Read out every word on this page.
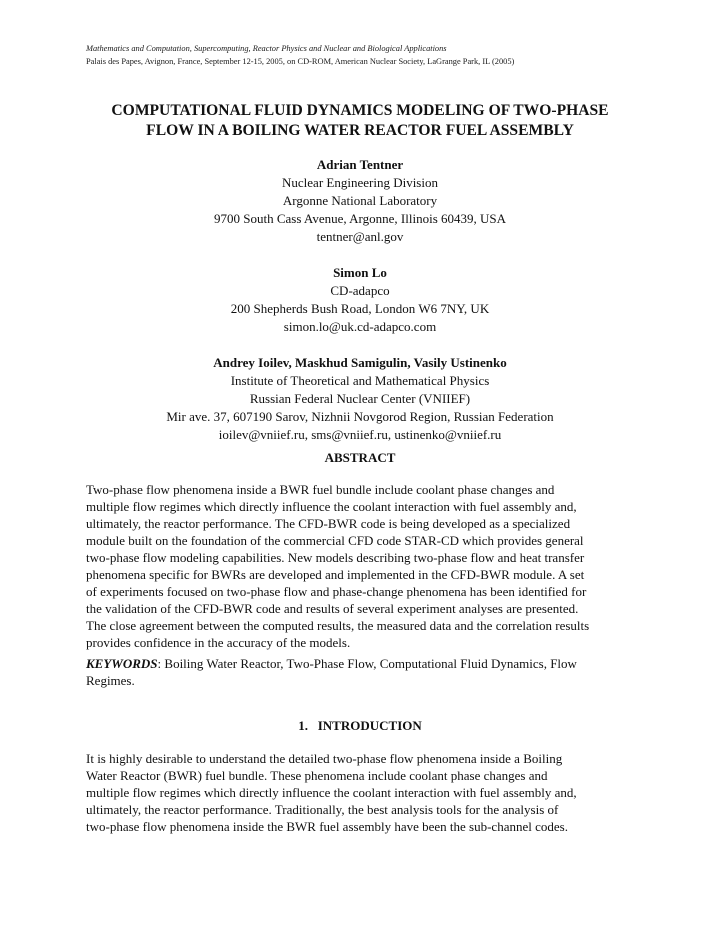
Mathematics and Computation, Supercomputing, Reactor Physics and Nuclear and Biological Applications
Palais des Papes, Avignon, France, September 12-15, 2005, on CD-ROM, American Nuclear Society, LaGrange Park, IL (2005)
COMPUTATIONAL FLUID DYNAMICS MODELING OF TWO-PHASE
FLOW IN A BOILING WATER REACTOR FUEL ASSEMBLY
Adrian Tentner
Nuclear Engineering Division
Argonne National Laboratory
9700 South Cass Avenue, Argonne, Illinois 60439, USA
tentner@anl.gov
Simon Lo
CD-adapco
200 Shepherds Bush Road, London W6 7NY, UK
simon.lo@uk.cd-adapco.com
Andrey Ioilev, Maskhud Samigulin, Vasily Ustinenko
Institute of Theoretical and Mathematical Physics
Russian Federal Nuclear Center (VNIIEF)
Mir ave. 37, 607190 Sarov, Nizhnii Novgorod Region, Russian Federation
ioilev@vniief.ru, sms@vniief.ru, ustinenko@vniief.ru
ABSTRACT
Two-phase flow phenomena inside a BWR fuel bundle include coolant phase changes and
multiple flow regimes which directly influence the coolant interaction with fuel assembly and,
ultimately, the reactor performance. The CFD-BWR code is being developed as a specialized
module built on the foundation of the commercial CFD code STAR-CD which provides general
two-phase flow modeling capabilities. New models describing two-phase flow and heat transfer
phenomena specific for BWRs are developed and implemented in the CFD-BWR module. A set
of experiments focused on two-phase flow and phase-change phenomena has been identified for
the validation of the CFD-BWR code and results of several experiment analyses are presented.
The close agreement between the computed results, the measured data and the correlation results
provides confidence in the accuracy of the models.
KEYWORDS: Boiling Water Reactor, Two-Phase Flow, Computational Fluid Dynamics, Flow
Regimes.
1.   INTRODUCTION
It is highly desirable to understand the detailed two-phase flow phenomena inside a Boiling
Water Reactor (BWR) fuel bundle. These phenomena include coolant phase changes and
multiple flow regimes which directly influence the coolant interaction with fuel assembly and,
ultimately, the reactor performance. Traditionally, the best analysis tools for the analysis of
two-phase flow phenomena inside the BWR fuel assembly have been the sub-channel codes.
